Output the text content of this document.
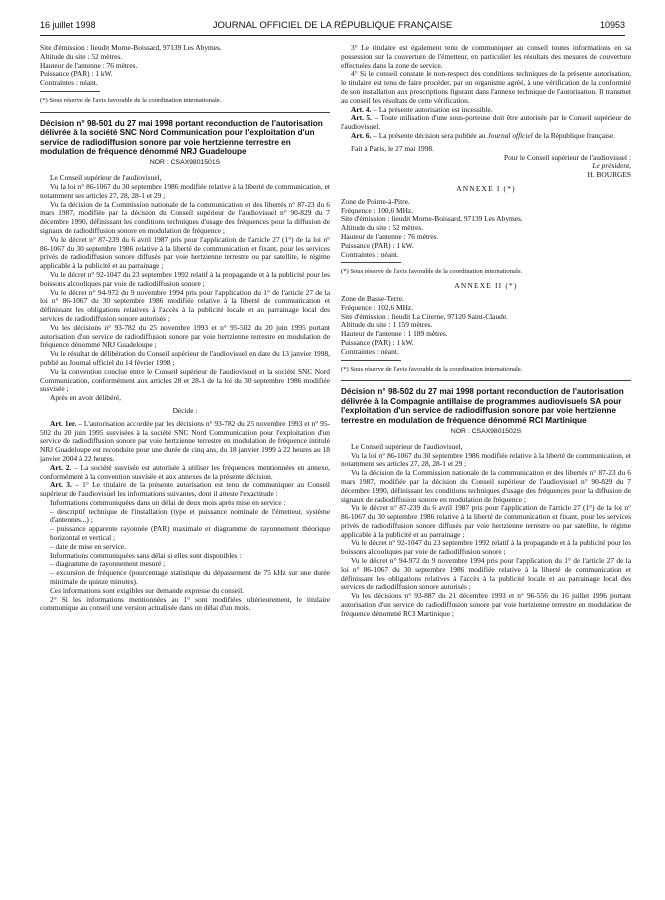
16 juillet 1998	JOURNAL OFFICIEL DE LA RÉPUBLIQUE FRANÇAISE	10953

Site d'émission : lieudit Morne-Boissard, 97139 Les Abymes.

Altitude du site : 52 mètres.

Hauteur de l'antenne : 76 mètres.

Puissance (PAR) : 1 kW.

Contraintes : néant.

(*) Sous réserve de l'avis favorable de la coordination internationale.

Décision n° 98-501 du 27 mai 1998 portant reconduction de l'autorisation délivrée à la société SNC Nord Communication pour l'exploitation d'un service de radiodiffusion sonore par voie hertzienne terrestre en modulation de fréquence dénommé NRJ Guadeloupe
NOR : CSAX9801501S

Le Conseil supérieur de l'audiovisuel,

Vu la loi n° 86-1067 du 30 septembre 1986 modifiée relative à la liberté de communication, et notamment ses articles 27, 28, 28-1 et 29 ;

Vu la décision de la Commission nationale de la communication et des libertés n° 87-23 du 6 mars 1987, modifiée par la décision du Conseil supérieur de l'audiovisuel n° 90-829 du 7 décembre 1990, définissant les conditions techniques d'usage des fréquences pour la diffusion de signaux de radiodiffusion sonore en modulation de fréquence ;

Vu le décret n° 87-239 du 6 avril 1987 pris pour l'application de l'article 27 (1°) de la loi n° 86-1067 du 30 septembre 1986 relative à la liberté de communication et fixant, pour les services privés de radiodiffusion sonore diffusés par voie hertzienne terrestre ou par satellite, le régime applicable à la publicité et au parrainage ;

Vu le décret n° 92-1047 du 23 septembre 1992 relatif à la propagande et à la publicité pour les boissons alcooliques par voie de radiodiffusion sonore ;

Vu le décret n° 94-972 du 9 novembre 1994 pris pour l'application du 1° de l'article 27 de la loi n° 86-1067 du 30 septembre 1986 modifiée relative à la liberté de communication et définissant les obligations relatives à l'accès à la publicité locale et au parrainage local des services de radiodiffusion sonore autorisés ;

Vu les décisions n° 93-782 du 25 novembre 1993 et n° 95-502 du 20 juin 1995 portant autorisation d'un service de radiodiffusion sonore par voie hertzienne terrestre en modulation de fréquence dénommé NRJ Guadeloupe ;

Vu le résultat de délibération du Conseil supérieur de l'audiovisuel en date du 13 janvier 1998, publié au Journal officiel du 14 février 1998 ;

Vu la convention conclue entre le Conseil supérieur de l'audiovisuel et la société SNC Nord Communication, conformément aux articles 28 et 28-1 de la loi du 30 septembre 1986 modifiée susvisée ;

Après en avoir délibéré,

Décide :

Art. 1er. – L'autorisation accordée par les décisions n° 93-782 du 25 novembre 1993 et n° 95-502 du 20 juin 1995 susvisées à la société SNC Nord Communication pour l'exploitation d'un service de radiodiffusion sonore par voie hertzienne terrestre en modulation de fréquence intitulé NRJ Guadeloupe est reconduite pour une durée de cinq ans, du 18 janvier 1999 à 22 heures au 18 janvier 2004 à 22 heures.

Art. 2. – La société susvisée est autorisée à utiliser les fréquences mentionnées en annexe, conformément à la convention susvisée et aux annexes de la présente décision.

Art. 3. – 1° Le titulaire de la présente autorisation est tenu de communiquer au Conseil supérieur de l'audiovisuel les informations suivantes, dont il atteste l'exactitude :

Informations communiquées dans un délai de deux mois après mise en service :

– descriptif technique de l'installation (type et puissance nominale de l'émetteur, système d'antennes...) ;

– puissance apparente rayonnée (PAR) maximale et diagramme de rayonnement théorique horizontal et vertical ;

– date de mise en service.

Informations communiquées sans délai si elles sont disponibles :

– diagramme de rayonnement mesuré ;

– excursion de fréquence (pourcentage statistique du dépassement de 75 kHz sur une durée minimale de quinze minutes).

Ces informations sont exigibles sur demande expresse du conseil.

2° Si les informations mentionnées au 1° sont modifiées ultérieurement, le titulaire communique au conseil une version actualisée dans un délai d'un mois.

3° Le titulaire est également tenu de communiquer au conseil toutes informations en sa possession sur la couverture de l'émetteur, en particulier les résultats des mesures de couverture effectuées dans la zone de service.

4° Si le conseil constate le non-respect des conditions techniques de la présente autorisation, le titulaire est tenu de faire procéder, par un organisme agréé, à une vérification de la conformité de son installation aux prescriptions figurant dans l'annexe technique de l'autorisation. Il transmet au conseil les résultats de cette vérification.

Art. 4. – La présente autorisation est incessible.

Art. 5. – Toute utilisation d'une sous-porteuse doit être autorisée par le Conseil supérieur de l'audiovisuel.

Art. 6. – La présente décision sera publiée au Journal officiel de la République française.

Fait à Paris, le 27 mai 1998.

Pour le Conseil supérieur de l'audiovisuel :

Le président,

H. BOURGES

ANNEXE I (*)

Zone de Pointe-à-Pitre.

Fréquence : 100,6 MHz.

Site d'émission : lieudit Morne-Boissard, 97139 Les Abymes.

Altitude du site : 52 mètres.

Hauteur de l'antenne : 76 mètres.

Puissance (PAR) : 1 kW.

Contraintes : néant.

(*) Sous réserve de l'avis favorable de la coordination internationale.

ANNEXE II (*)

Zone de Basse-Terre.

Fréquence : 102,6 MHz.

Site d'émission : lieudit La Citerne, 97120 Saint-Claude.

Altitude du site : 1 159 mètres.

Hauteur de l'antenne : 1 189 mètres.

Puissance (PAR) : 1 kW.

Contraintes : néant.

(*) Sous réserve de l'avis favorable de la coordination internationale.

Décision n° 98-502 du 27 mai 1998 portant reconduction de l'autorisation délivrée à la Compagnie antillaise de programmes audiovisuels SA pour l'exploitation d'un service de radiodiffusion sonore par voie hertzienne terrestre en modulation de fréquence dénommé RCI Martinique
NOR : CSAX9801502S

Le Conseil supérieur de l'audiovisuel,

Vu la loi n° 86-1067 du 30 septembre 1986 modifiée relative à la liberté de communication, et notamment ses articles 27, 28, 28-1 et 29 ;

Vu la décision de la Commission nationale de la communication et des libertés n° 87-23 du 6 mars 1987, modifiée par la décision du Conseil supérieur de l'audiovisuel n° 90-829 du 7 décembre 1990, définissant les conditions techniques d'usage des fréquences pour la diffusion de signaux de radiodiffusion sonore en modulation de fréquence ;

Vu le décret n° 87-239 du 6 avril 1987 pris pour l'application de l'article 27 (1°) de la loi n° 86-1067 du 30 septembre 1986 relative à la liberté de communication et fixant, pour les services privés de radiodiffusion sonore diffusés par voie hertzienne terrestre ou par satellite, le régime applicable à la publicité et au parrainage ;

Vu le décret n° 92-1047 du 23 septembre 1992 relatif à la propagande et à la publicité pour les boissons alcooliques par voie de radiodiffusion sonore ;

Vu le décret n° 94-972 du 9 novembre 1994 pris pour l'application du 1° de l'article 27 de la loi n° 86-1067 du 30 septembre 1986 modifiée relative à la liberté de communication et définissant les obligations relatives à l'accès à la publicité locale et au parrainage local des services de radiodiffusion sonore autorisés ;

Vu les décisions n° 93-887 du 21 décembre 1993 et n° 96-556 du 16 juillet 1996 portant autorisation d'un service de radiodiffusion sonore par voie hertzienne terrestre en modulation de fréquence dénommé RCI Martinique ;
